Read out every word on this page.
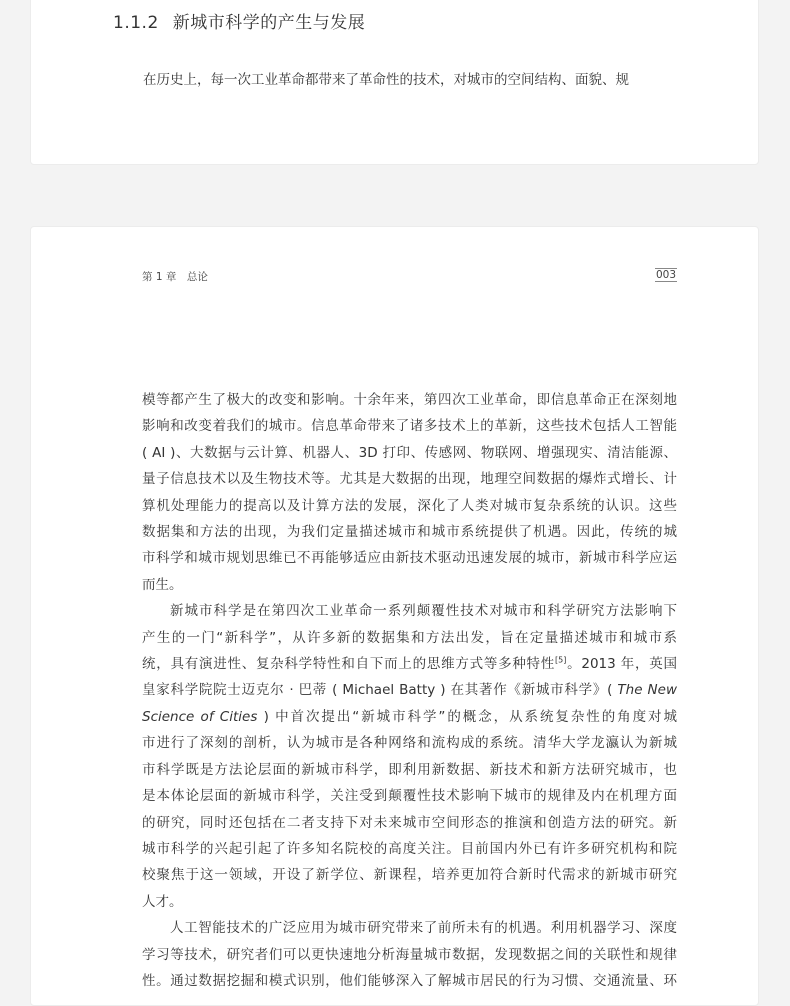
1.1.2 新城市科学的产生与发展
在历史上，每一次工业革命都带来了革命性的技术，对城市的空间结构、面貌、规
第 1 章　总论	003
模等都产生了极大的改变和影响。十余年来，第四次工业革命，即信息革命正在深刻地
影响和改变着我们的城市。信息革命带来了诸多技术上的革新，这些技术包括人工智能
( AI )、大数据与云计算、机器人、3D 打印、传感网、物联网、增强现实、清洁能源、
量子信息技术以及生物技术等。尤其是大数据的出现，地理空间数据的爆炸式增长、计
算机处理能力的提高以及计算方法的发展，深化了人类对城市复杂系统的认识。这些
数据集和方法的出现，为我们定量描述城市和城市系统提供了机遇。因此，传统的城
市科学和城市规划思维已不再能够适应由新技术驱动迅速发展的城市，新城市科学应运
而生。
新城市科学是在第四次工业革命一系列颠覆性技术对城市和科学研究方法影响下
产生的一门“新科学”，从许多新的数据集和方法出发，旨在定量描述城市和城市系
统，具有演进性、复杂科学特性和自下而上的思维方式等多种特性[5]。2013 年，英国
皇家科学院院士迈克尔 · 巴蒂 ( Michael Batty ) 在其著作《新城市科学》( The New
Science of Cities ) 中首次提出“新城市科学”的概念，从系统复杂性的角度对城
市进行了深刻的剖析，认为城市是各种网络和流构成的系统。清华大学龙瀛认为新城
市科学既是方法论层面的新城市科学，即利用新数据、新技术和新方法研究城市，也
是本体论层面的新城市科学，关注受到颠覆性技术影响下城市的规律及内在机理方面
的研究，同时还包括在二者支持下对未来城市空间形态的推演和创造方法的研究。新
城市科学的兴起引起了许多知名院校的高度关注。目前国内外已有许多研究机构和院
校聚焦于这一领域，开设了新学位、新课程，培养更加符合新时代需求的新城市研究
人才。
人工智能技术的广泛应用为城市研究带来了前所未有的机遇。利用机器学习、深度
学习等技术，研究者们可以更快速地分析海量城市数据，发现数据之间的关联性和规律
性。通过数据挖掘和模式识别，他们能够深入了解城市居民的行为习惯、交通流量、环
